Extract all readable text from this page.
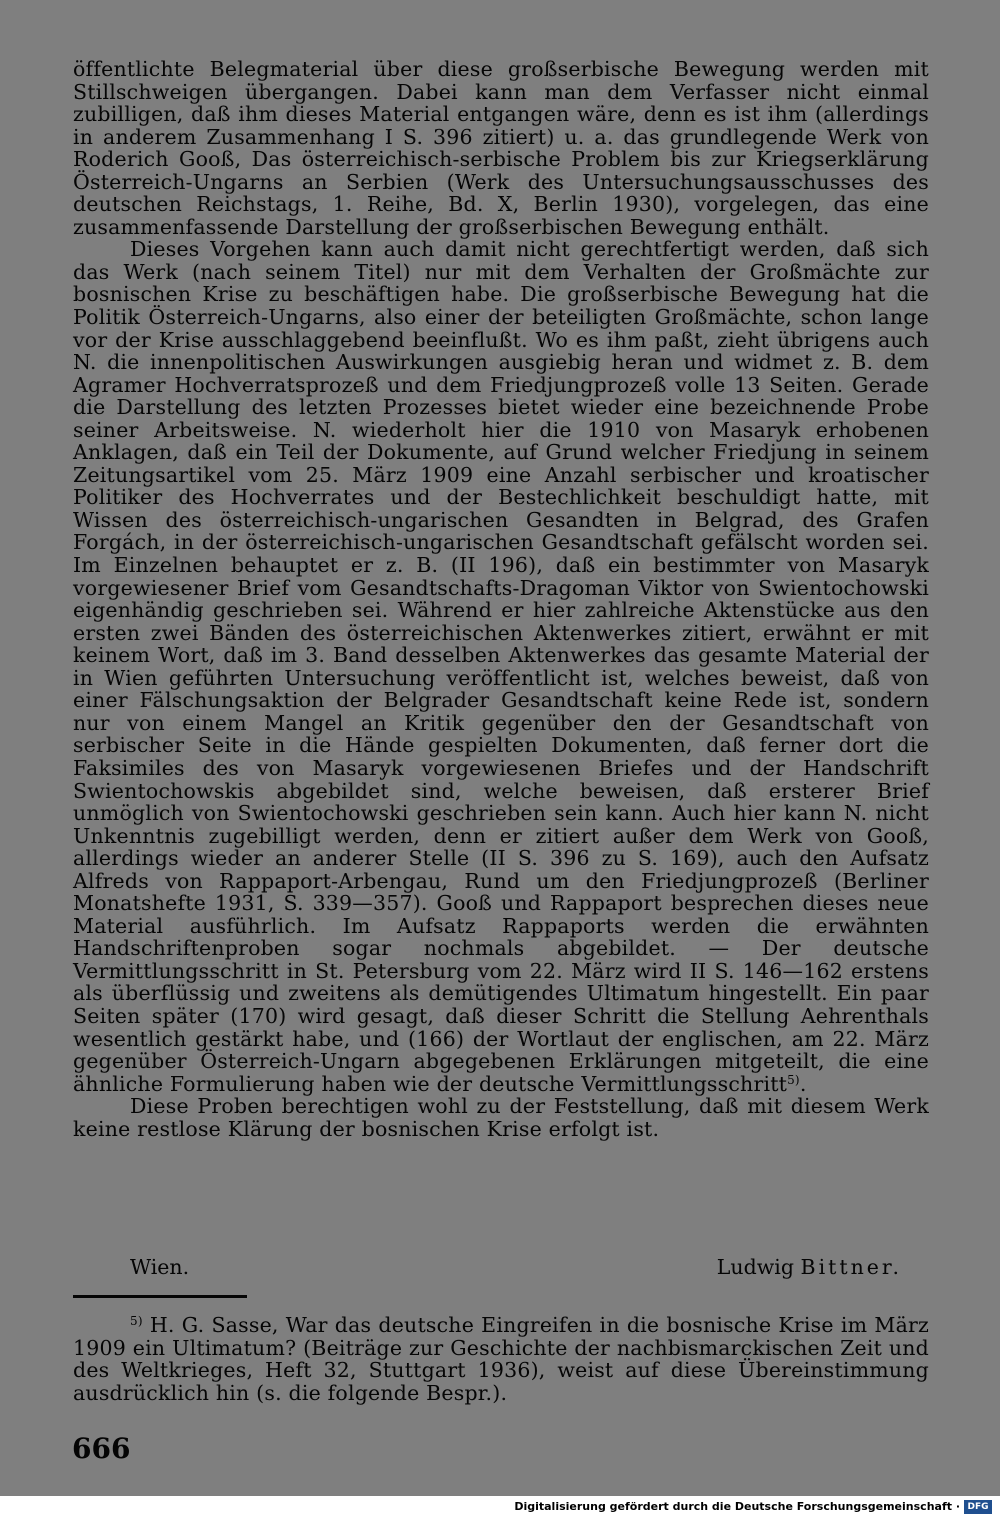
öffentlichte Belegmaterial über diese großserbische Bewegung werden mit Stillschweigen übergangen. Dabei kann man dem Verfasser nicht einmal zubilligen, daß ihm dieses Material entgangen wäre, denn es ist ihm (allerdings in anderem Zusammenhang I S. 396 zitiert) u. a. das grundlegende Werk von Roderich Gooß, Das österreichisch-serbische Problem bis zur Kriegserklärung Österreich-Ungarns an Serbien (Werk des Untersuchungsausschusses des deutschen Reichstags, 1. Reihe, Bd. X, Berlin 1930), vorgelegen, das eine zusammenfassende Darstellung der großserbischen Bewegung enthält.

Dieses Vorgehen kann auch damit nicht gerechtfertigt werden, daß sich das Werk (nach seinem Titel) nur mit dem Verhalten der Großmächte zur bosnischen Krise zu beschäftigen habe. Die großserbische Bewegung hat die Politik Österreich-Ungarns, also einer der beteiligten Großmächte, schon lange vor der Krise ausschlaggebend beeinflußt. Wo es ihm paßt, zieht übrigens auch N. die innenpolitischen Auswirkungen ausgiebig heran und widmet z. B. dem Agramer Hochverratsprozeß und dem Friedjungprozeß volle 13 Seiten. Gerade die Darstellung des letzten Prozesses bietet wieder eine bezeichnende Probe seiner Arbeitsweise. N. wiederholt hier die 1910 von Masaryk erhobenen Anklagen, daß ein Teil der Dokumente, auf Grund welcher Friedjung in seinem Zeitungsartikel vom 25. März 1909 eine Anzahl serbischer und kroatischer Politiker des Hochverrates und der Bestechlichkeit beschuldigt hatte, mit Wissen des österreichisch-ungarischen Gesandten in Belgrad, des Grafen Forgách, in der österreichisch-ungarischen Gesandtschaft gefälscht worden sei. Im Einzelnen behauptet er z. B. (II 196), daß ein bestimmter von Masaryk vorgewiesener Brief vom Gesandtschafts-Dragoman Viktor von Swientochowski eigenhändig geschrieben sei. Während er hier zahlreiche Aktenstücke aus den ersten zwei Bänden des österreichischen Aktenwerkes zitiert, erwähnt er mit keinem Wort, daß im 3. Band desselben Aktenwerkes das gesamte Material der in Wien geführten Untersuchung veröffentlicht ist, welches beweist, daß von einer Fälschungsaktion der Belgrader Gesandtschaft keine Rede ist, sondern nur von einem Mangel an Kritik gegenüber den der Gesandtschaft von serbischer Seite in die Hände gespielten Dokumenten, daß ferner dort die Faksimiles des von Masaryk vorgewiesenen Briefes und der Handschrift Swientochowskis abgebildet sind, welche beweisen, daß ersterer Brief unmöglich von Swientochowski geschrieben sein kann. Auch hier kann N. nicht Unkenntnis zugebilligt werden, denn er zitiert außer dem Werk von Gooß, allerdings wieder an anderer Stelle (II S. 396 zu S. 169), auch den Aufsatz Alfreds von Rappaport-Arbengau, Rund um den Friedjungprozeß (Berliner Monatshefte 1931, S. 339—357). Gooß und Rappaport besprechen dieses neue Material ausführlich. Im Aufsatz Rappaports werden die erwähnten Handschriftenproben sogar nochmals abgebildet. — Der deutsche Vermittlungsschritt in St. Petersburg vom 22. März wird II S. 146—162 erstens als überflüssig und zweitens als demütigendes Ultimatum hingestellt. Ein paar Seiten später (170) wird gesagt, daß dieser Schritt die Stellung Aehrenthals wesentlich gestärkt habe, und (166) der Wortlaut der englischen, am 22. März gegenüber Österreich-Ungarn abgegebenen Erklärungen mitgeteilt, die eine ähnliche Formulierung haben wie der deutsche Vermittlungsschritt$^{5)}$.

Diese Proben berechtigen wohl zu der Feststellung, daß mit diesem Werk keine restlose Klärung der bosnischen Krise erfolgt ist.

Wien.	Ludwig Bittner.

$^{5)}$ H. G. Sasse, War das deutsche Eingreifen in die bosnische Krise im März 1909 ein Ultimatum? (Beiträge zur Geschichte der nachbismarckischen Zeit und des Weltkrieges, Heft 32, Stuttgart 1936), weist auf diese Übereinstimmung ausdrücklich hin (s. die folgende Bespr.).

666
Digitalisierung gefördert durch die Deutsche Forschungsgemeinschaft · DFG
